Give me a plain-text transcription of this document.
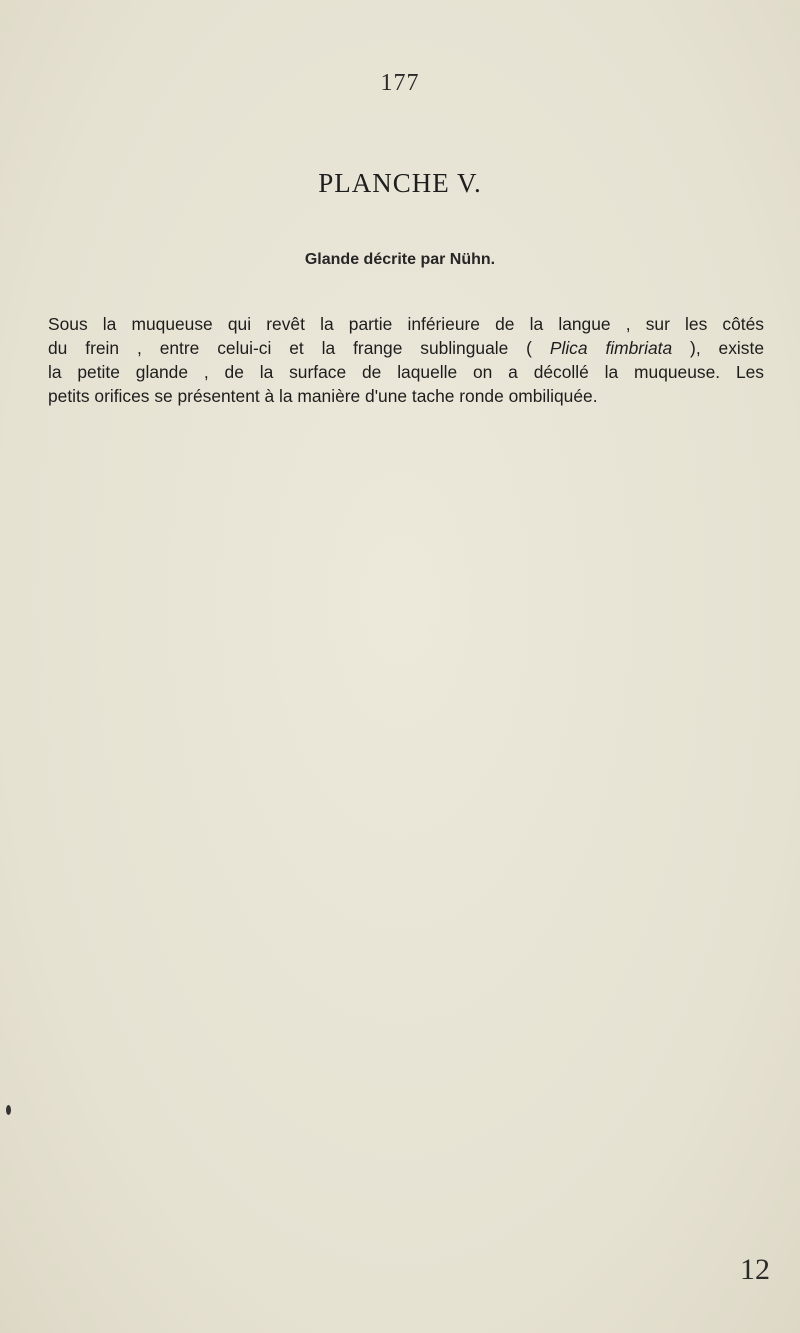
177
PLANCHE V.
Glande décrite par Nühn.
Sous la muqueuse qui revêt la partie inférieure de la langue , sur les côtés
du frein , entre celui-ci et la frange sublinguale ( Plica fimbriata ), existe
la petite glande , de la surface de laquelle on a décollé la muqueuse. Les
petits orifices se présentent à la manière d'une tache ronde ombiliquée.
12
